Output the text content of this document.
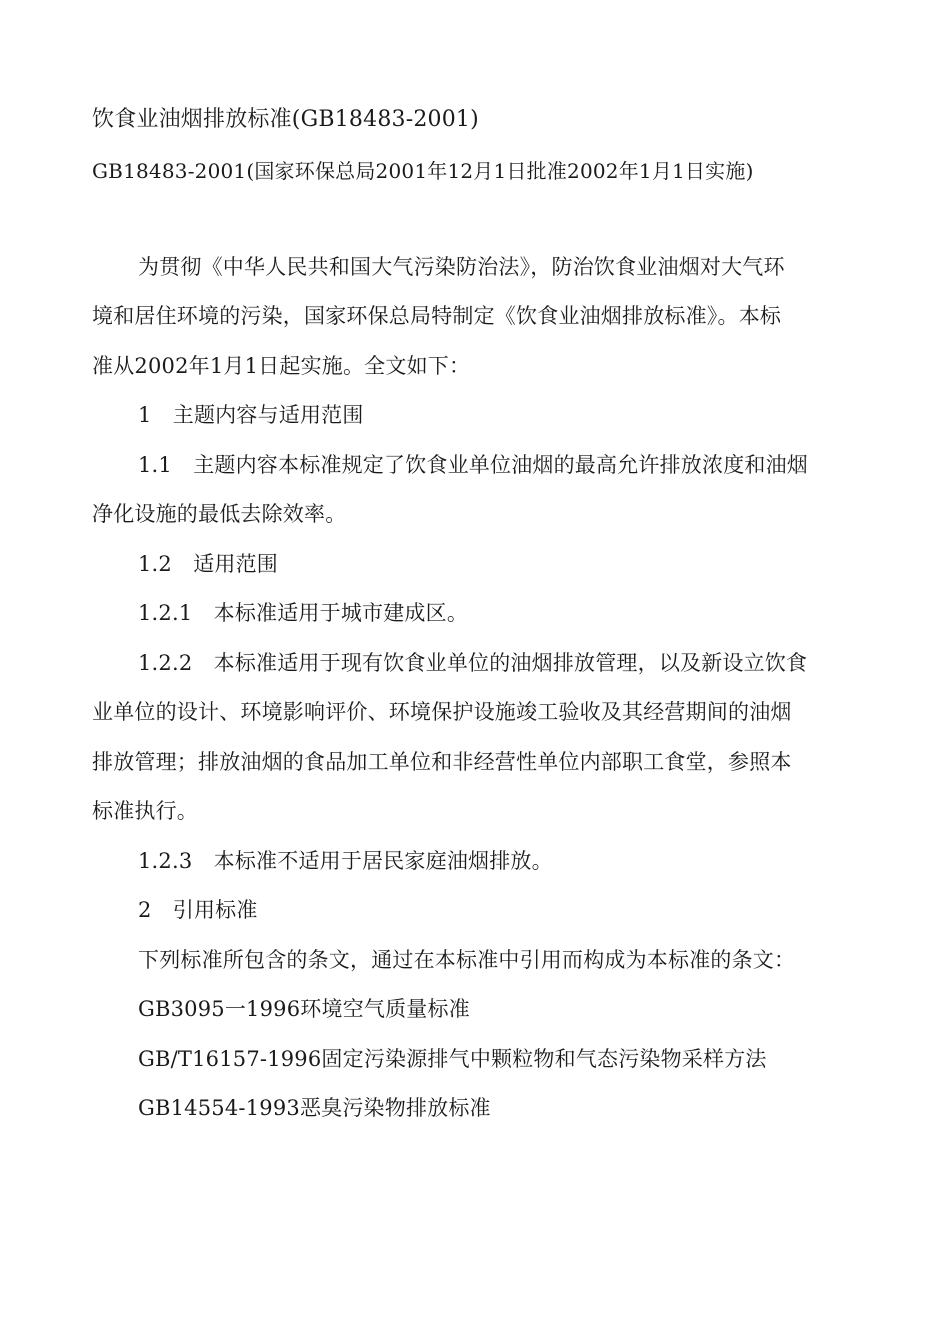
饮食业油烟排放标准(GB18483-2001)
GB18483-2001(国家环保总局2001年12月1日批准2002年1月1日实施)
为贯彻《中华人民共和国大气污染防治法》，防治饮食业油烟对大气环
境和居住环境的污染，国家环保总局特制定《饮食业油烟排放标准》。本标
准从2002年1月1日起实施。全文如下：
1　主题内容与适用范围
1.1　主题内容本标准规定了饮食业单位油烟的最高允许排放浓度和油烟
净化设施的最低去除效率。
1.2　适用范围
1.2.1　本标准适用于城市建成区。
1.2.2　本标准适用于现有饮食业单位的油烟排放管理，以及新设立饮食
业单位的设计、环境影响评价、环境保护设施竣工验收及其经营期间的油烟
排放管理；排放油烟的食品加工单位和非经营性单位内部职工食堂，参照本
标准执行。
1.2.3　本标准不适用于居民家庭油烟排放。
2　引用标准
下列标准所包含的条文，通过在本标准中引用而构成为本标准的条文：
GB3095一1996环境空气质量标准
GB/T16157-1996固定污染源排气中颗粒物和气态污染物采样方法
GB14554-1993恶臭污染物排放标准
